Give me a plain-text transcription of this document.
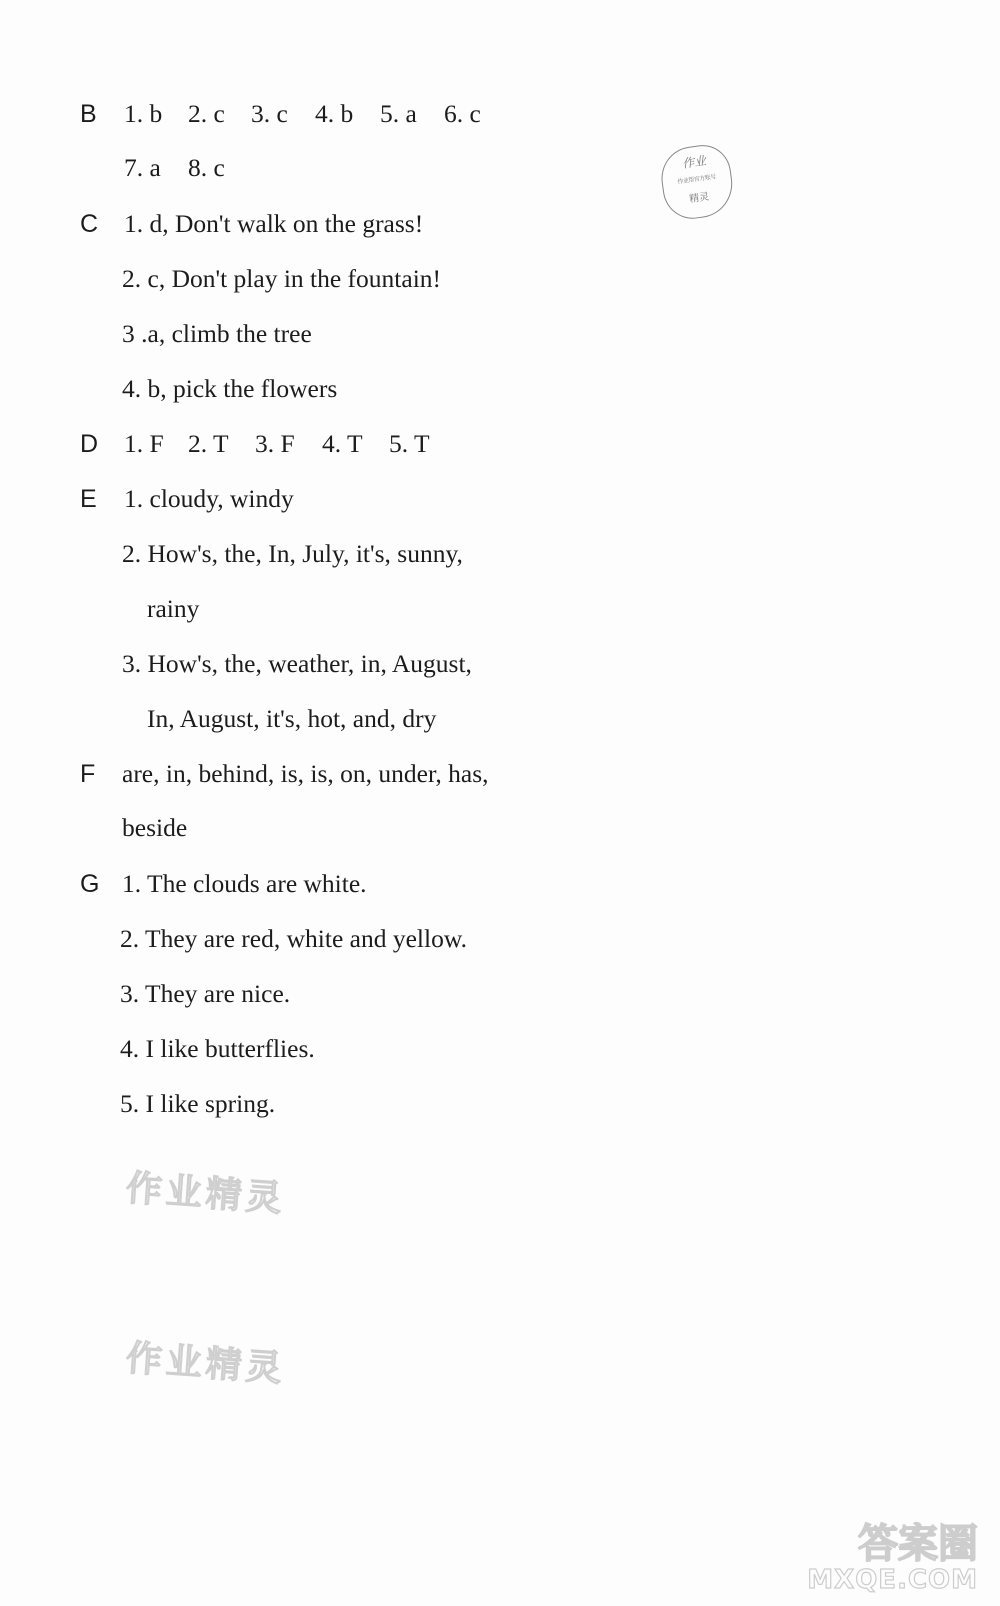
B 1. b 2. c 3. c 4. b 5. a 6. c
7. a 8. c
C 1. d, Don't walk on the grass!
2. c, Don't play in the fountain!
3 .a, climb the tree
4. b, pick the flowers
D 1. F 2. T 3. F 4. T 5. T
E 1. cloudy, windy
2. How's, the, In, July, it's, sunny,
rainy
3. How's, the, weather, in, August,
In, August, it's, hot, and, dry
F are, in, behind, is, is, on, under, has,
beside
G 1. The clouds are white.
2. They are red, white and yellow.
3. They are nice.
4. I like butterflies.
5. I like spring.
作业
作业帮官方账号
精灵
作业精灵
作业精灵
答案圈
MXQE.COM
